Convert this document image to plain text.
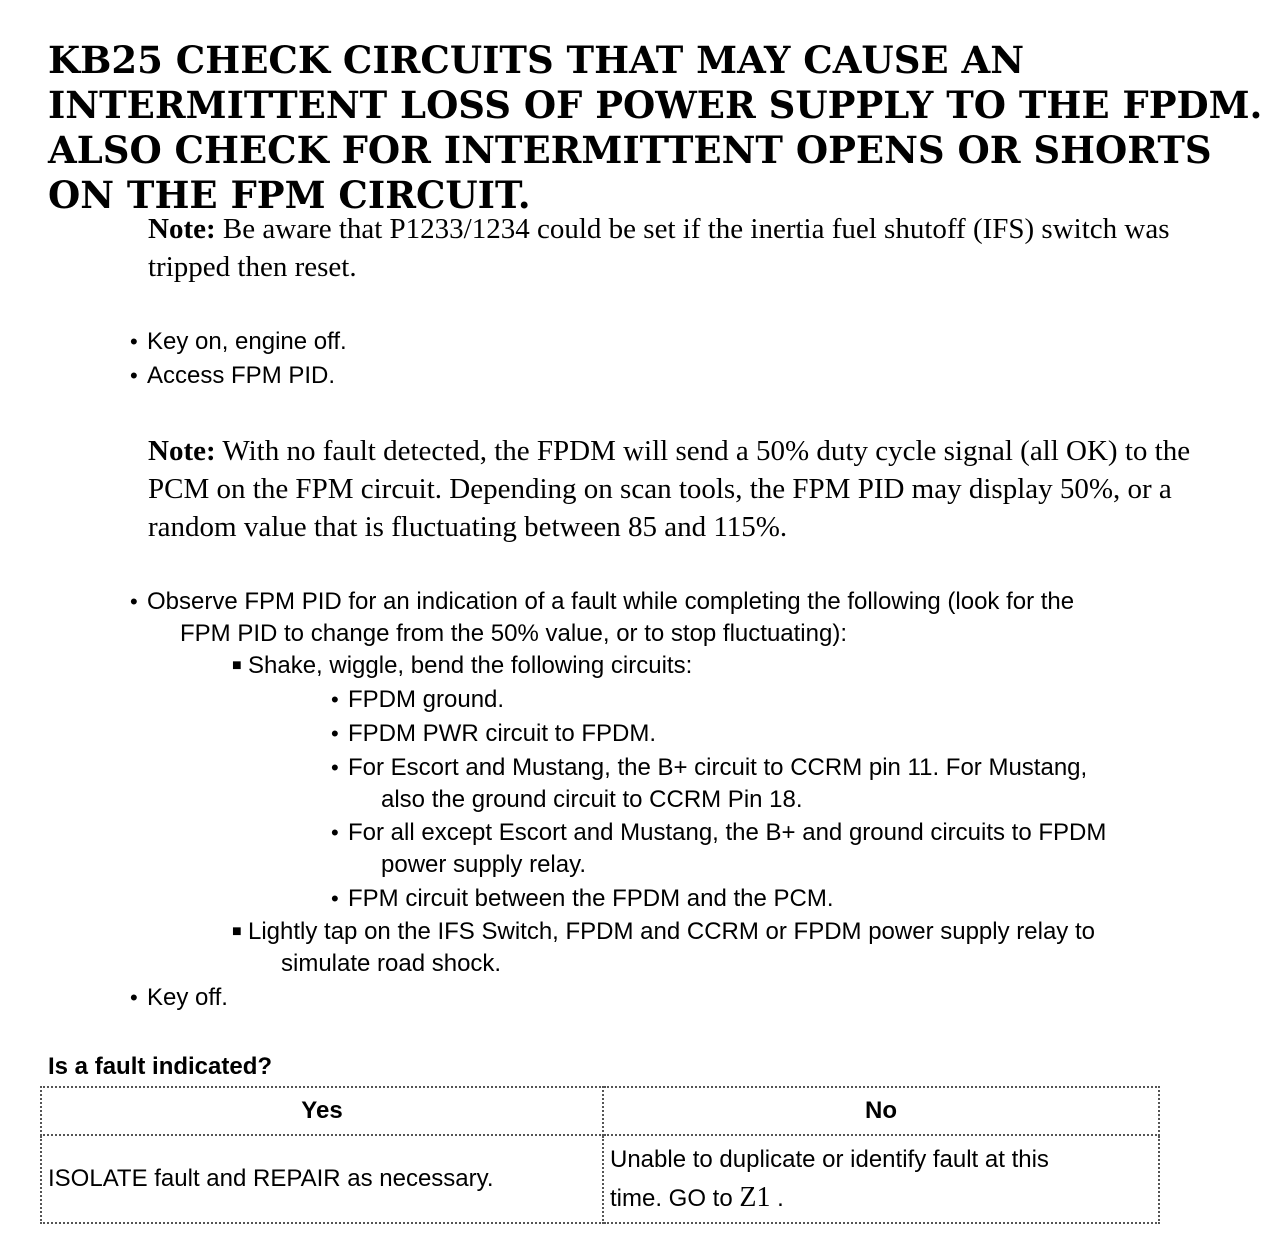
KB25 CHECK CIRCUITS THAT MAY CAUSE AN INTERMITTENT LOSS OF POWER SUPPLY TO THE FPDM. ALSO CHECK FOR INTERMITTENT OPENS OR SHORTS ON THE FPM CIRCUIT.

Note: Be aware that P1233/1234 could be set if the inertia fuel shutoff (IFS) switch was tripped then reset.

• Key on, engine off.
• Access FPM PID.

Note: With no fault detected, the FPDM will send a 50% duty cycle signal (all OK) to the PCM on the FPM circuit. Depending on scan tools, the FPM PID may display 50%, or a random value that is fluctuating between 85 and 115%.

• Observe FPM PID for an indication of a fault while completing the following (look for the
FPM PID to change from the 50% value, or to stop fluctuating):
■ Shake, wiggle, bend the following circuits:
• FPDM ground.
• FPDM PWR circuit to FPDM.
• For Escort and Mustang, the B+ circuit to CCRM pin 11. For Mustang,
also the ground circuit to CCRM Pin 18.
• For all except Escort and Mustang, the B+ and ground circuits to FPDM
power supply relay.
• FPM circuit between the FPDM and the PCM.
■ Lightly tap on the IFS Switch, FPDM and CCRM or FPDM power supply relay to
simulate road shock.
• Key off.

Is a fault indicated?

Yes	No
ISOLATE fault and REPAIR as necessary.	Unable to duplicate or identify fault at this
time. GO to Z1 .
